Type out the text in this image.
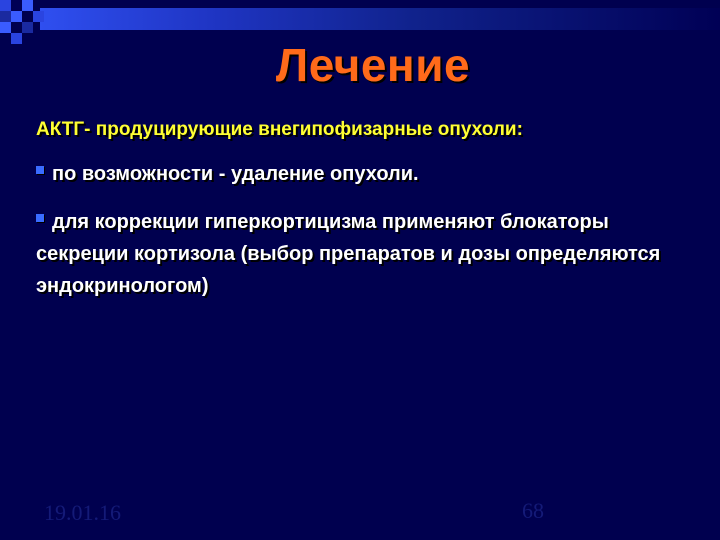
Лечение
АКТГ- продуцирующие внегипофизарные опухоли:
по возможности - удаление опухоли.
для коррекции гиперкортицизма применяют блокаторы секреции кортизола (выбор препаратов и дозы определяются эндокринологом)
19.01.16	68
